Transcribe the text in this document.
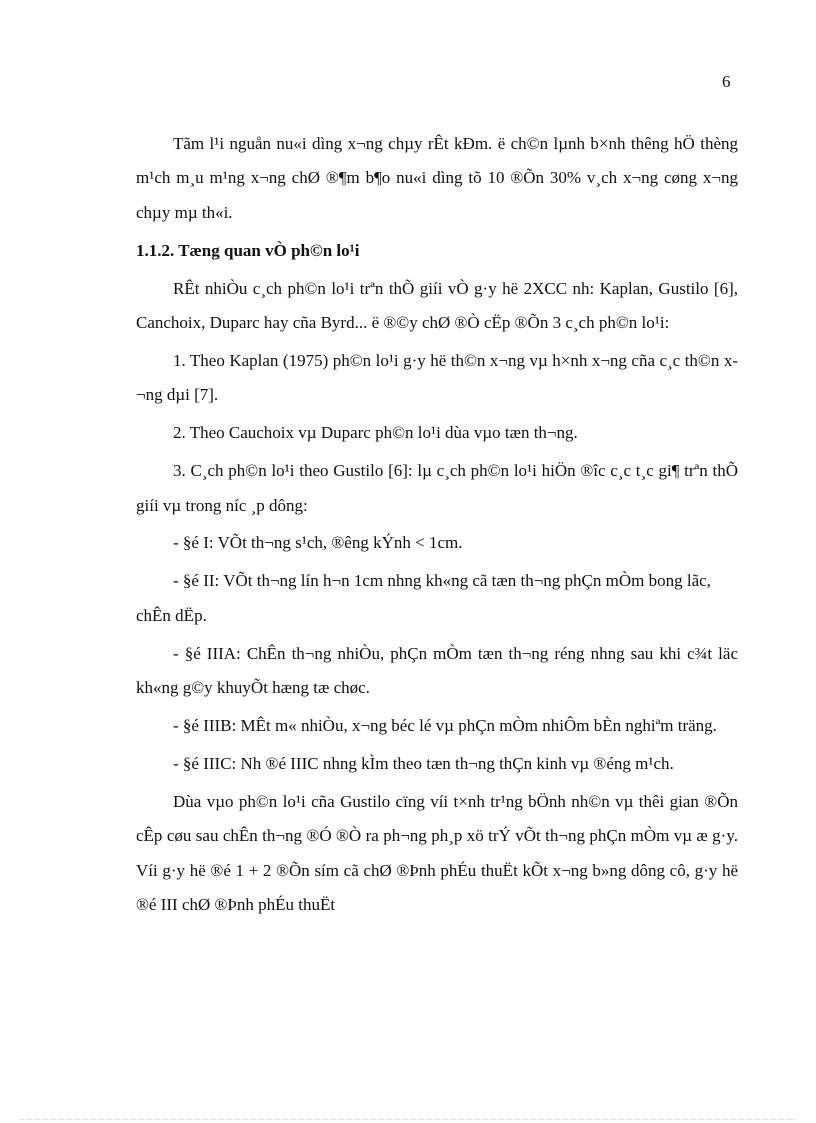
6

Tãm l¹i nguån nu«i dìng x¬ng chµy rÊt kÐm. ë ch©n lµnh b×nh thêng hÖ thèng m¹ch m¸u m¹ng x¬ng chØ ®¶m b¶o nu«i dìng tõ 10 ®Õn 30% v¸ch x¬ng cøng x¬ng chµy mµ th«i.

1.1.2. Tæng quan vÒ ph©n lo¹i

RÊt nhiÒu c¸ch ph©n lo¹i trªn thÕ giíi vÒ g·y hë 2XCC nh: Kaplan, Gustilo [6], Canchoix, Duparc hay cña Byrd... ë ®©y chØ ®Ò cËp ®Õn 3 c¸ch ph©n lo¹i:

1. Theo Kaplan (1975) ph©n lo¹i g·y hë th©n x¬ng vµ h×nh x¬ng cña c¸c th©n x¬ng dµi [7].

2. Theo Cauchoix vµ Duparc ph©n lo¹i dùa vµo tæn th¬ng.

3. C¸ch ph©n lo¹i theo Gustilo [6]: lµ c¸ch ph©n lo¹i hiÖn ®îc c¸c t¸c gi¶ trªn thÕ giíi vµ trong níc ¸p dông:

- §é I: VÕt th¬ng s¹ch, ®êng kÝnh < 1cm.

- §é II: VÕt th¬ng lín h¬n 1cm nhng kh«ng cã tæn th¬ng phÇn mÒm bong lãc, chÊn dËp.

- §é IIIA: ChÊn th¬ng nhiÒu, phÇn mÒm tæn th¬ng réng nhng sau khi c¾t läc kh«ng g©y khuyÕt hæng tæ chøc.

- §é IIIB: MÊt m« nhiÒu, x¬ng béc lé vµ phÇn mÒm nhiÔm bÈn nghiªm träng.

- §é IIIC: Nh ®é IIIC nhng kÌm theo tæn th¬ng thÇn kinh vµ ®éng m¹ch.

Dùa vµo ph©n lo¹i cña Gustilo cïng víi t×nh tr¹ng bÖnh nh©n vµ thêi gian ®Õn cÊp cøu sau chÊn th¬ng ®Ó ®Ò ra ph¬ng ph¸p xö trÝ vÕt th¬ng phÇn mÒm vµ æ g·y. Víi g·y hë ®é 1 + 2 ®Õn sím cã chØ ®Þnh phÉu thuËt kÕt x¬ng b»ng dông cô, g·y hë ®é III chØ ®Þnh phÉu thuËt
